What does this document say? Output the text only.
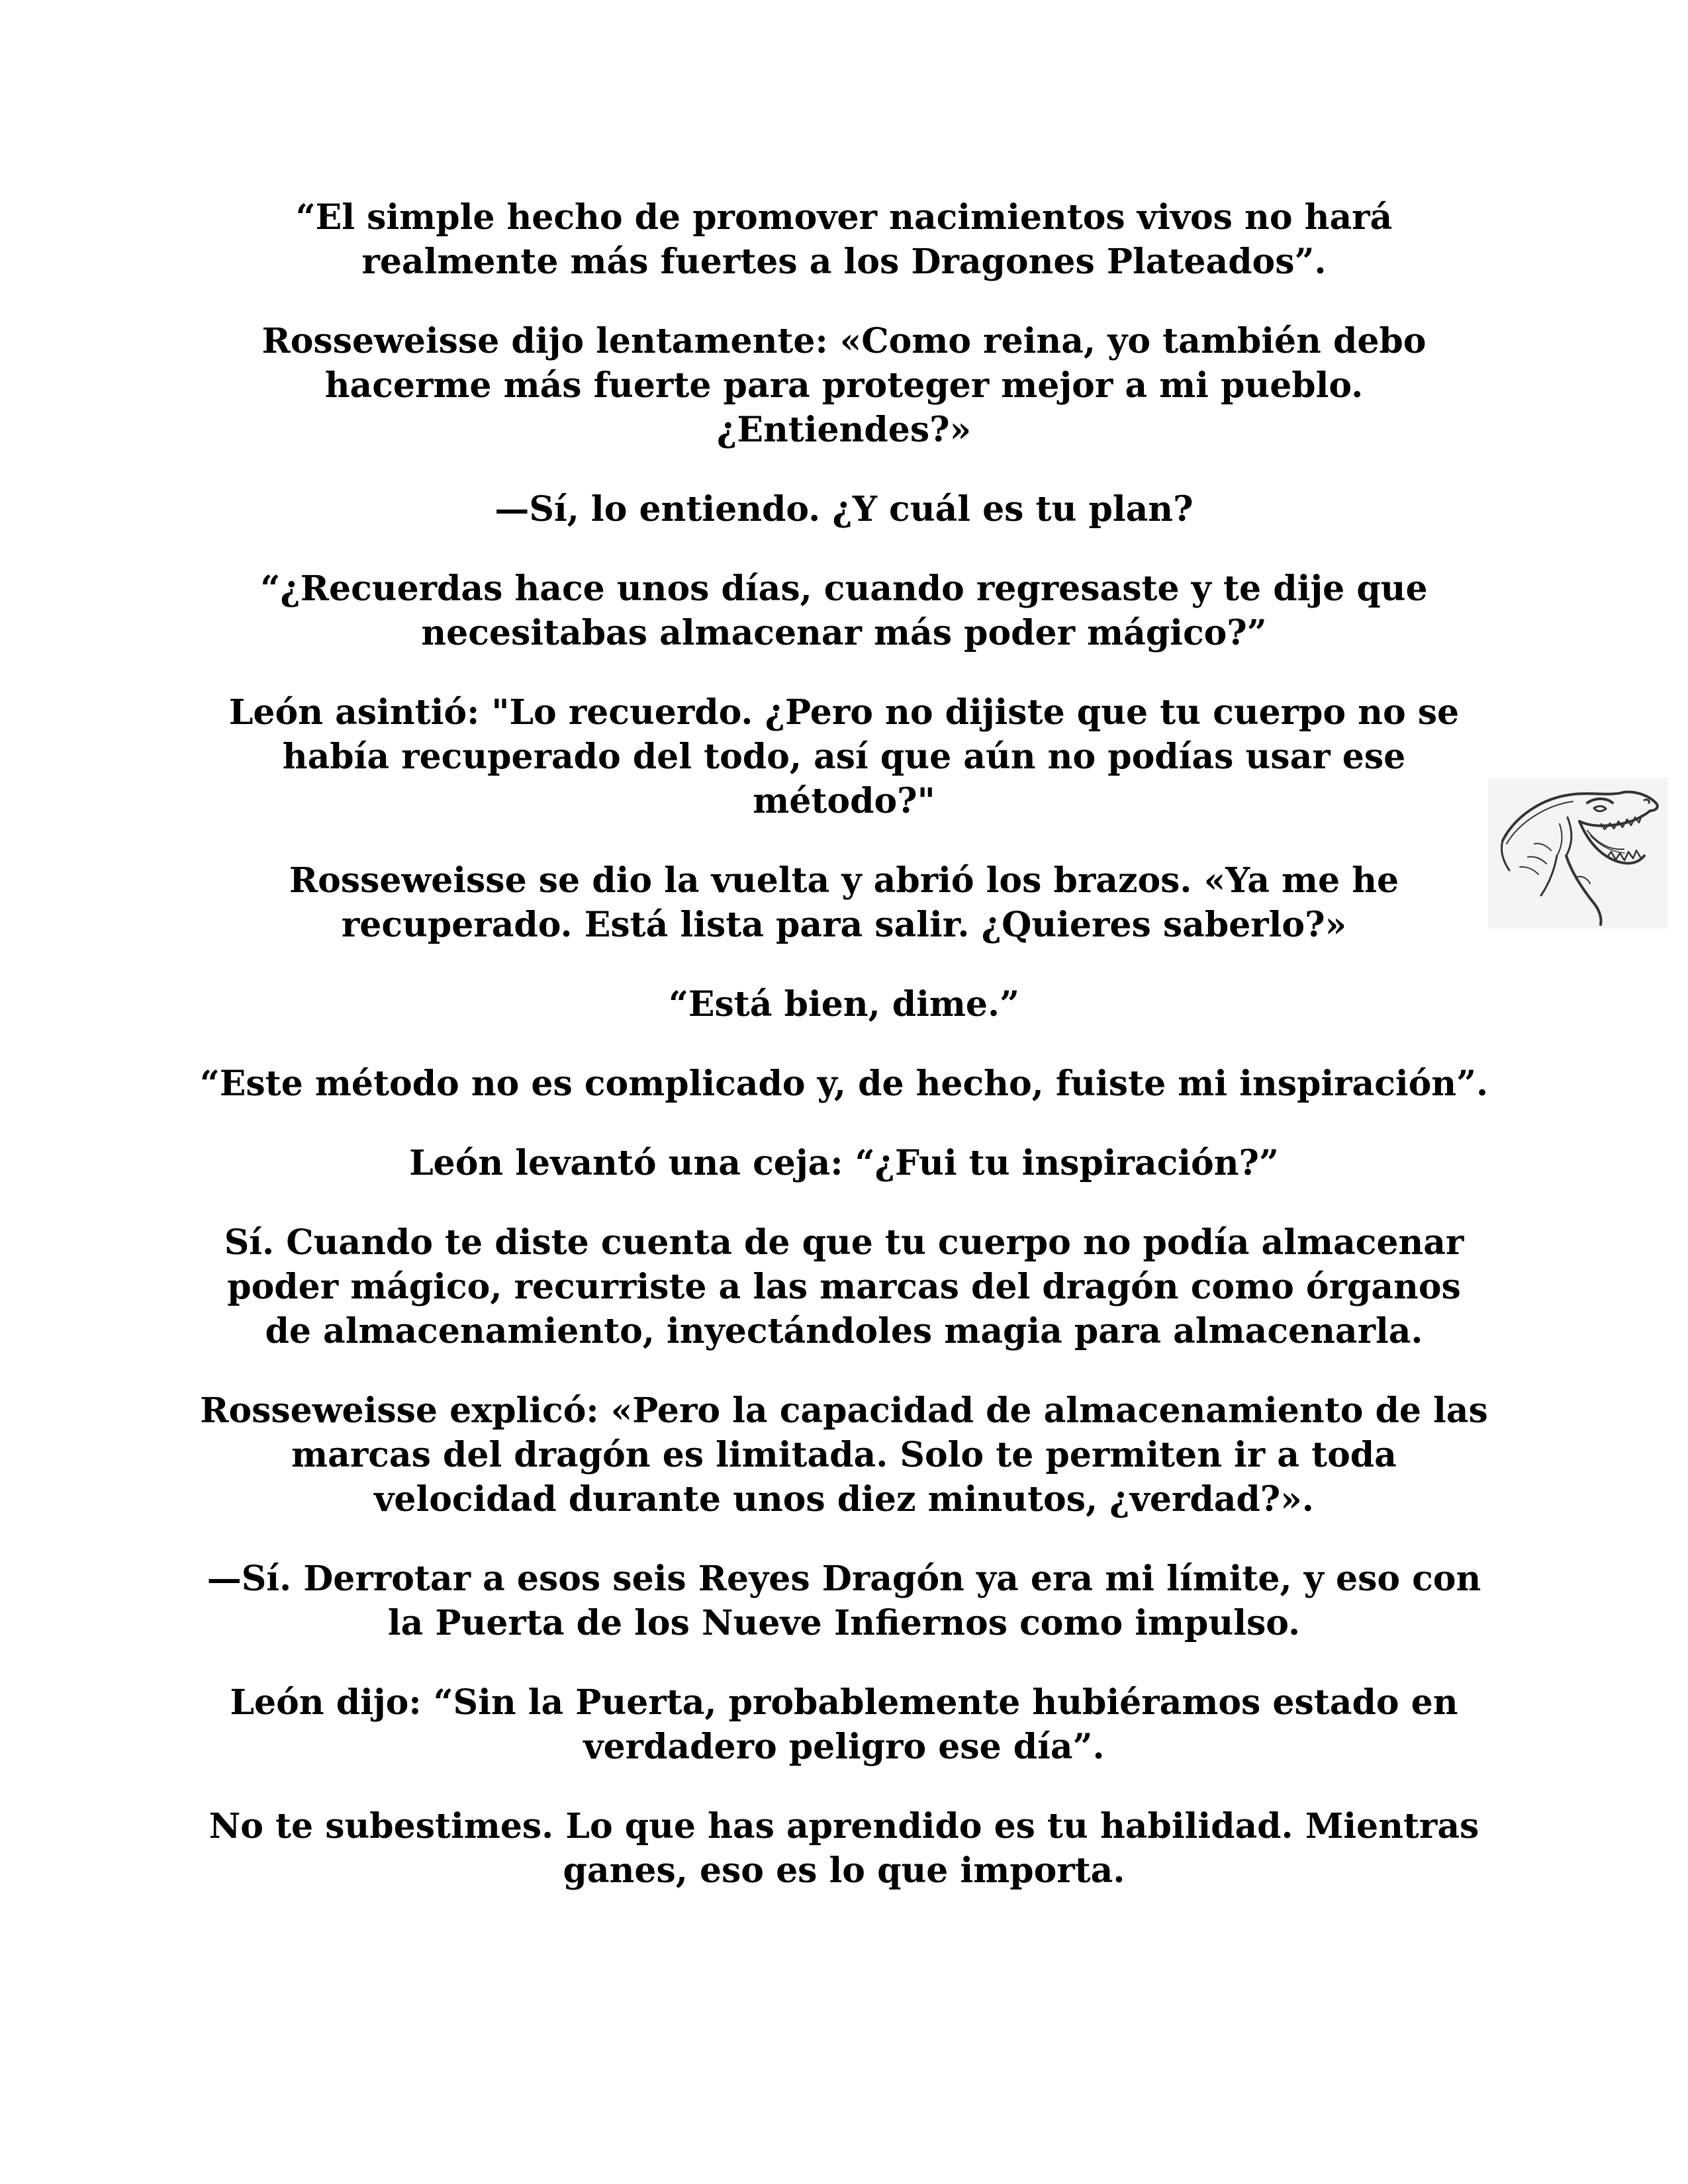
“El simple hecho de promover nacimientos vivos no hará realmente más fuertes a los Dragones Plateados”.

Rosseweisse dijo lentamente: «Como reina, yo también debo hacerme más fuerte para proteger mejor a mi pueblo. ¿Entiendes?»

—Sí, lo entiendo. ¿Y cuál es tu plan?

“¿Recuerdas hace unos días, cuando regresaste y te dije que necesitabas almacenar más poder mágico?”

León asintió: "Lo recuerdo. ¿Pero no dijiste que tu cuerpo no se había recuperado del todo, así que aún no podías usar ese método?"

Rosseweisse se dio la vuelta y abrió los brazos. «Ya me he recuperado. Está lista para salir. ¿Quieres saberlo?»

“Está bien, dime.”

“Este método no es complicado y, de hecho, fuiste mi inspiración”.

León levantó una ceja: “¿Fui tu inspiración?”

Sí. Cuando te diste cuenta de que tu cuerpo no podía almacenar poder mágico, recurriste a las marcas del dragón como órganos de almacenamiento, inyectándoles magia para almacenarla.

Rosseweisse explicó: «Pero la capacidad de almacenamiento de las marcas del dragón es limitada. Solo te permiten ir a toda velocidad durante unos diez minutos, ¿verdad?».

—Sí. Derrotar a esos seis Reyes Dragón ya era mi límite, y eso con la Puerta de los Nueve Infiernos como impulso.

León dijo: “Sin la Puerta, probablemente hubiéramos estado en verdadero peligro ese día”.

No te subestimes. Lo que has aprendido es tu habilidad. Mientras ganes, eso es lo que importa.
